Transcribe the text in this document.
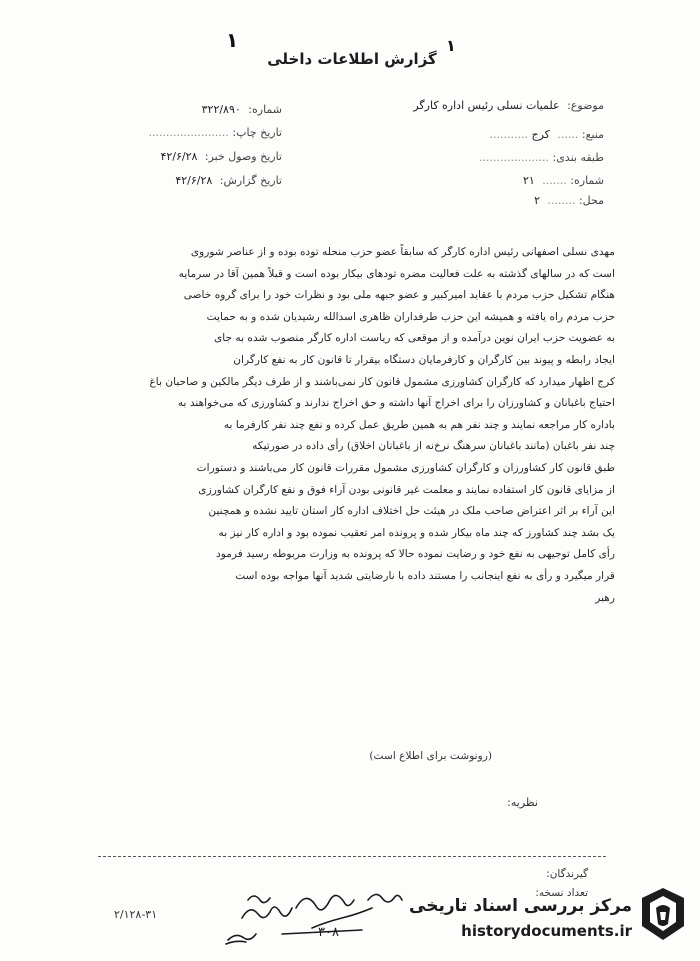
۱	۱
گزارش اطلاعات داخلی
موضوع: علمیات نسلی رئیس اداره کارگر
منبع: ...... کرج ...........
طبقه بندی: ....................
شماره: ....... ۲۱
محل: ........ ۲
شماره: ۳۲۲/۸۹۰
تاریخ چاپ: .......................
تاریخ وصول خبر: ۴۲/۶/۲۸
تاریخ گزارش: ۴۲/۶/۲۸

مهدی نسلی اصفهانی رئیس اداره کارگر که سابقاً عضو حزب منحله توده بوده و از عناصر شوروی

است که در سالهای گذشته به علت فعالیت مضره تودهای بیکار بوده است و قبلاً همین آقا در سرمایه

هنگام تشکیل حزب مردم با عقاید امیرکبیر و عضو جبهه ملی بود و نظرات خود را برای گروه خاصی

حزب مردم راه یافته و همیشه این حزب طرفداران ظاهری اسدالله رشیدیان شده و به حمایت

به عضویت حزب ایران نوین درآمده و از موقعی که ریاست اداره کارگر منصوب شده به جای

ایجاد رابطه و پیوند بین کارگران و کارفرمایان دستگاه بیقرار تا قانون کار به نفع کارگران

کرج اظهار میدارد که کارگران کشاورزی مشمول قانون کار نمی‌باشند و از طرف دیگر مالکین و صاحبان باغ

احتیاج باغبانان و کشاورزان را برای اخراج آنها داشته و حق اخراج ندارند و کشاورزی که می‌خواهند به

باداره کار مراجعه نمایند و چند نفر هم به همین طریق عمل کرده و نفع چند نفر کارفرما به

چند نفر باغبان (مانند باغبانان سرهنگ نرخ‌نه از باغبانان اخلاق) رأی داده در صورتیکه

طبق قانون کار کشاورزان و کارگران کشاورزی مشمول مقررات قانون کار می‌باشند و دستورات

از مزایای قانون کار استفاده نمایند و معلمت غیر قانونی بودن آراء فوق و نفع کارگران کشاورزی

این آراء بر اثر اعتراض صاحب ملک در هیئت حل اختلاف اداره کار استان تایید نشده و همچنین

یک بشد چند کشاورز که چند ماه بیکار شده و پرونده امر تعقیب نموده بود و اداره کار نیز به

رأی کامل توجیهی به نفع خود و رضایت نموده حالا که پرونده به وزارت مربوطه رسید فرمود

قرار میگیرد و رأی به نفع اینجانب را مستند داده با نارضایتی شدید آنها مواجه بوده است

رهبر

(رونوشت برای اطلاع است)
نظریه:
گیرندگان:
تعداد نسخه:
۲/۱۲۸-۳۱
۳۰۸
مرکز بررسی اسناد تاریخی
historydocuments.ir
